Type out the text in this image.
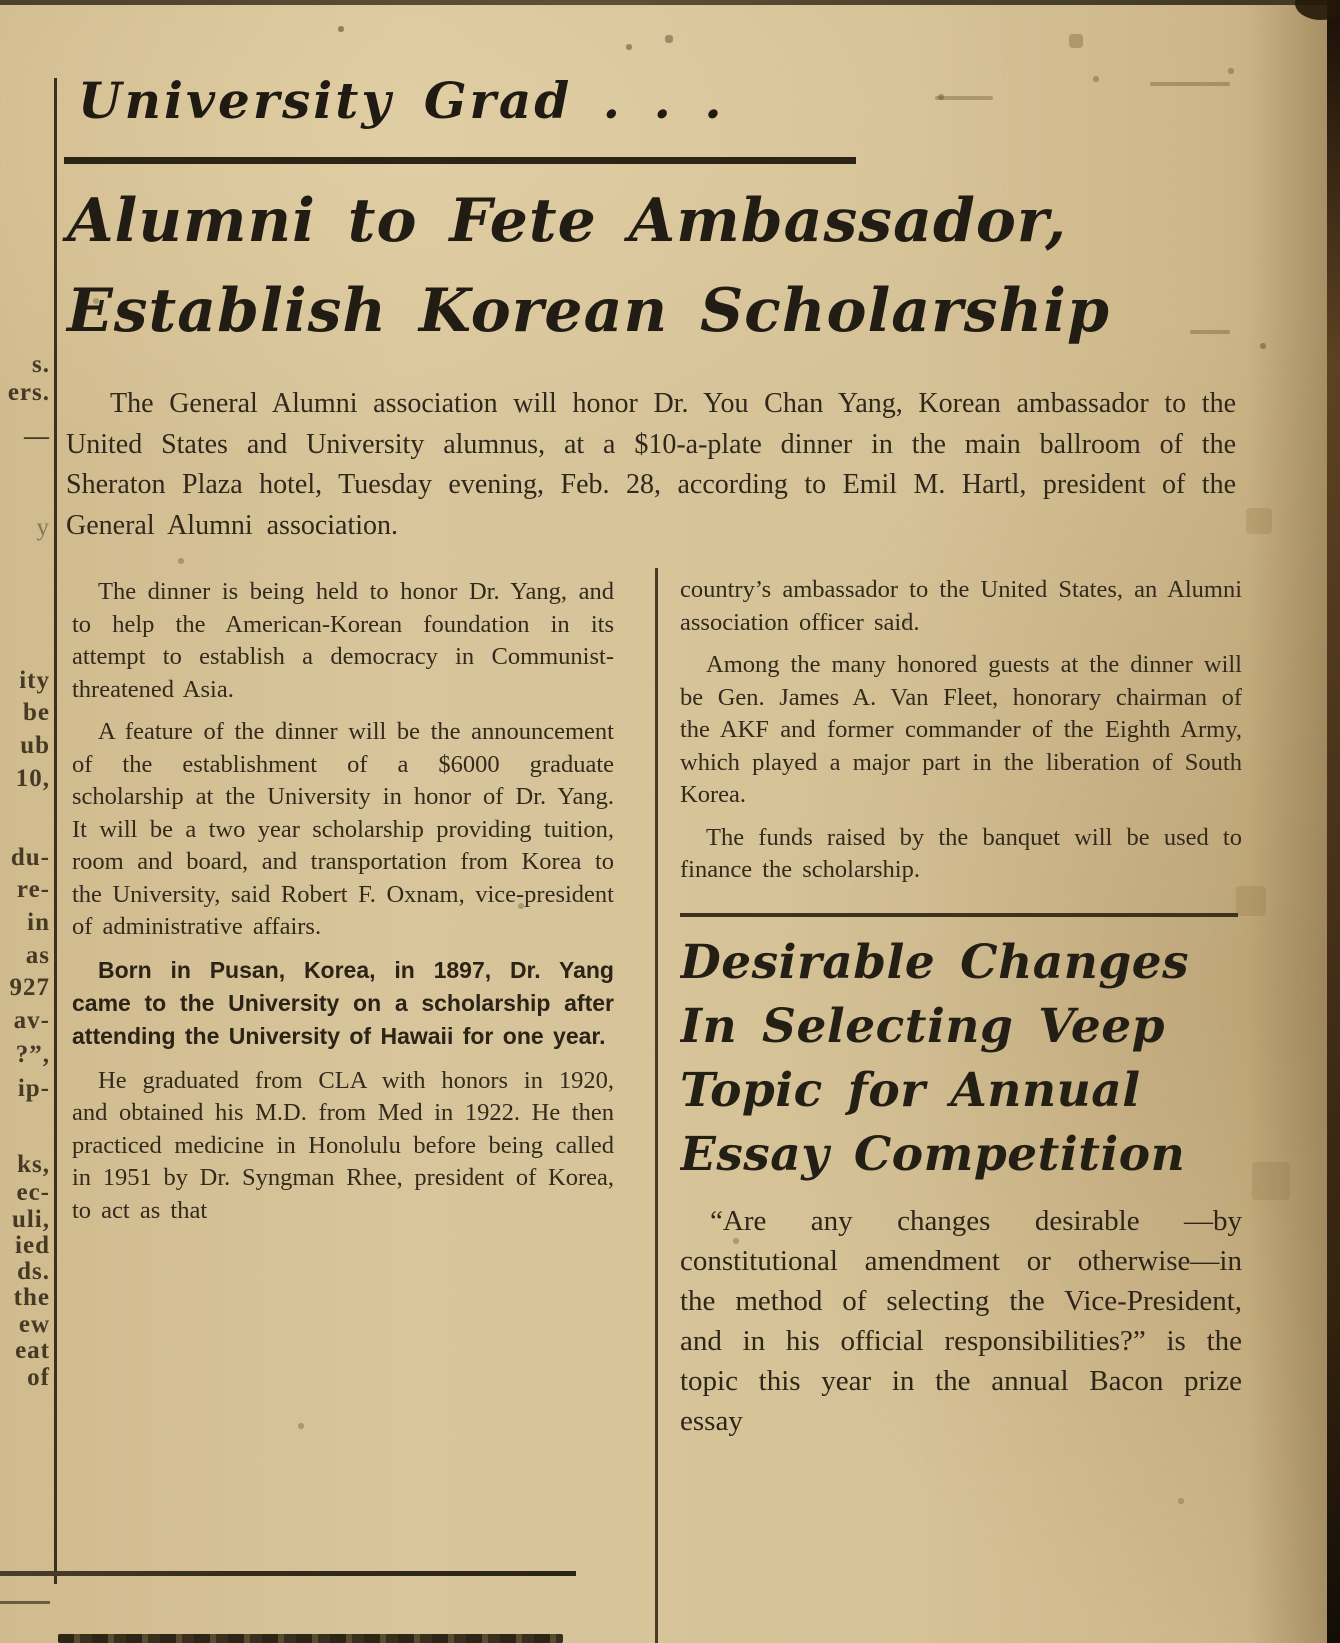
s.
ers.
—
y
ity
be
ub
10,
du-
re-
in
as
927
av-
?”,
ip-
ks,
ec-
uli,
ied
ds.
the
ew
eat
of
University Grad . . .
Alumni to Fete Ambassador,
Establish Korean Scholarship

The General Alumni association will honor Dr. You Chan Yang, Korean ambassador to the United States and University alumnus, at a $10-a-plate dinner in the main ballroom of the Sheraton Plaza hotel, Tuesday evening, Feb. 28, according to Emil M. Hartl, president of the General Alumni association.

The dinner is being held to honor Dr. Yang, and to help the American-Korean foundation in its attempt to establish a democracy in Communist-threatened Asia.

A feature of the dinner will be the announcement of the establishment of a $6000 graduate scholarship at the University in honor of Dr. Yang. It will be a two year scholarship providing tuition, room and board, and transportation from Korea to the University, said Robert F. Oxnam, vice-president of administrative affairs.

Born in Pusan, Korea, in 1897, Dr. Yang came to the University on a scholarship after attending the University of Hawaii for one year.

He graduated from CLA with honors in 1920, and obtained his M.D. from Med in 1922. He then practiced medicine in Honolulu before being called in 1951 by Dr. Syngman Rhee, president of Korea, to act as that

country’s ambassador to the United States, an Alumni association officer said.

Among the many honored guests at the dinner will be Gen. James A. Van Fleet, honorary chairman of the AKF and former commander of the Eighth Army, which played a major part in the liberation of South Korea.

The funds raised by the banquet will be used to finance the scholarship.

Desirable Changes
In Selecting Veep
Topic for Annual
Essay Competition

“Are any changes desirable —by constitutional amendment or otherwise—in the method of selecting the Vice-President, and in his official responsibilities?” is the topic this year in the annual Bacon prize essay
